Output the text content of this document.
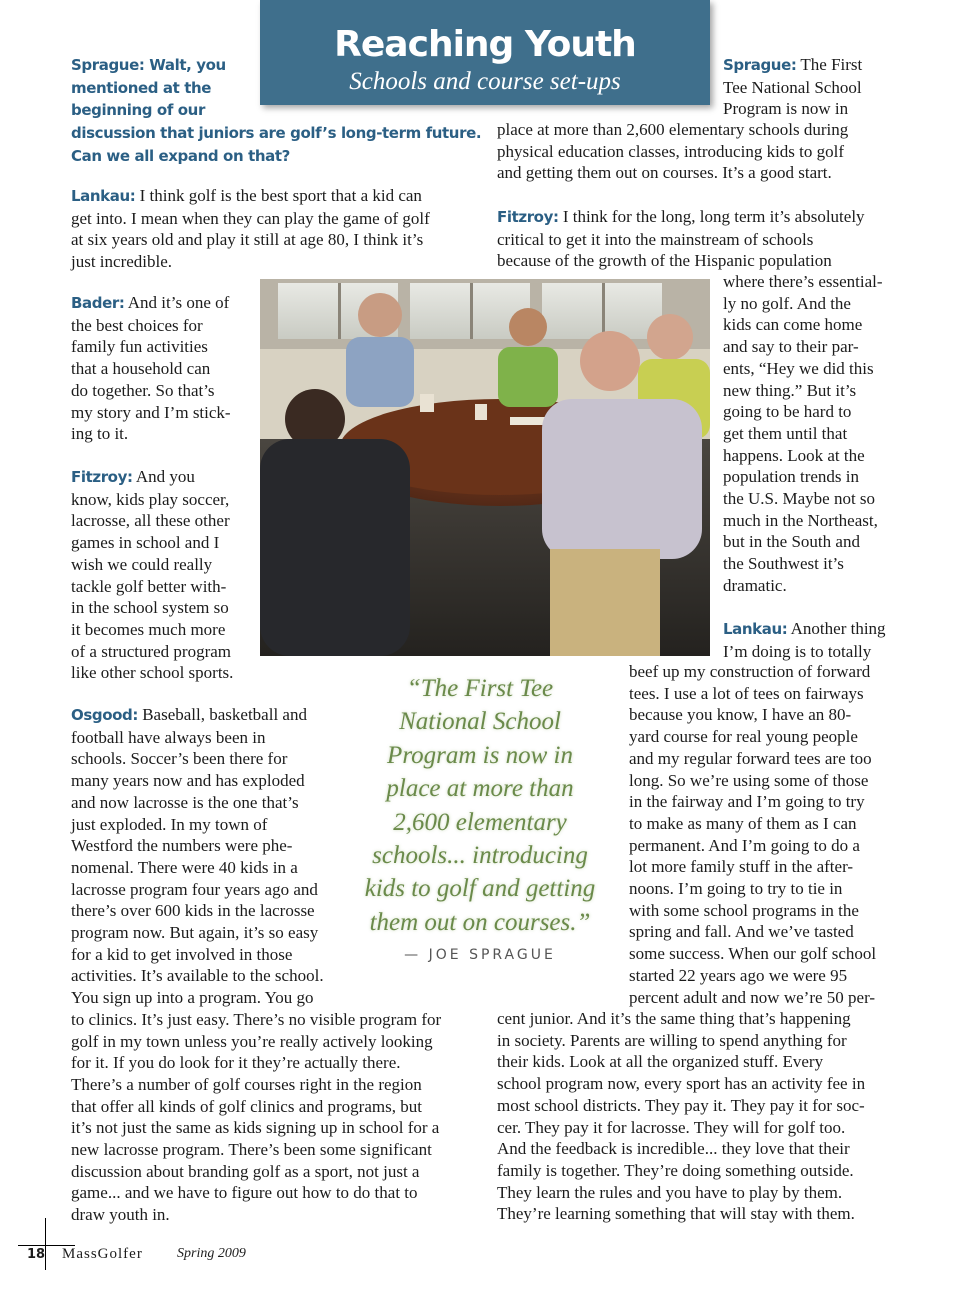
Reaching Youth
Schools and course set-ups
Sprague: Walt, you
mentioned at the
beginning of our
discussion that juniors are golf’s long-term future.
Can we all expand on that?
Lankau: I think golf is the best sport that a kid can
get into. I mean when they can play the game of golf
at six years old and play it still at age 80, I think it’s
just incredible.
Bader: And it’s one of
the best choices for
family fun activities
that a household can
do together. So that’s
my story and I’m stick-
ing to it.
Fitzroy: And you
know, kids play soccer,
lacrosse, all these other
games in school and I
wish we could really
tackle golf better with-
in the school system so
it becomes much more
of a structured program
like other school sports.
Osgood: Baseball, basketball and
football have always been in
schools. Soccer’s been there for
many years now and has exploded
and now lacrosse is the one that’s
just exploded. In my town of
Westford the numbers were phe-
nomenal. There were 40 kids in a
lacrosse program four years ago and
there’s over 600 kids in the lacrosse
program now. But again, it’s so easy
for a kid to get involved in those
activities. It’s available to the school.
You sign up into a program. You go
to clinics. It’s just easy. There’s no visible program for
golf in my town unless you’re really actively looking
for it. If you do look for it they’re actually there.
There’s a number of golf courses right in the region
that offer all kinds of golf clinics and programs, but
it’s not just the same as kids signing up in school for a
new lacrosse program. There’s been some significant
discussion about branding golf as a sport, not just a
game... and we have to figure out how to do that to
draw youth in.
Sprague: The First
Tee National School
Program is now in
place at more than 2,600 elementary schools during
physical education classes, introducing kids to golf
and getting them out on courses. It’s a good start.
Fitzroy: I think for the long, long term it’s absolutely
critical to get it into the mainstream of schools
because of the growth of the Hispanic population
where there’s essential-
ly no golf. And the
kids can come home
and say to their par-
ents, “Hey we did this
new thing.” But it’s
going to be hard to
get them until that
happens. Look at the
population trends in
the U.S. Maybe not so
much in the Northeast,
but in the South and
the Southwest it’s
dramatic.
Lankau: Another thing
I’m doing is to totally
beef up my construction of forward
tees. I use a lot of tees on fairways
because you know, I have an 80-
yard course for real young people
and my regular forward tees are too
long. So we’re using some of those
in the fairway and I’m going to try
to make as many of them as I can
permanent. And I’m going to do a
lot more family stuff in the after-
noons. I’m going to try to tie in
with some school programs in the
spring and fall. And we’ve tasted
some success. When our golf school
started 22 years ago we were 95
percent adult and now we’re 50 per-
cent junior. And it’s the same thing that’s happening
in society. Parents are willing to spend anything for
their kids. Look at all the organized stuff. Every
school program now, every sport has an activity fee in
most school districts. They pay it. They pay it for soc-
cer. They pay it for lacrosse. They will for golf too.
And the feedback is incredible... they love that their
family is together. They’re doing something outside.
They learn the rules and you have to play by them.
They’re learning something that will stay with them.
“The First Tee National School Program is now in place at more than 2,600 elementary schools... introducing kids to golf and getting them out on courses.”
— JOE SPRAGUE
18 MassGolfer Spring 2009
